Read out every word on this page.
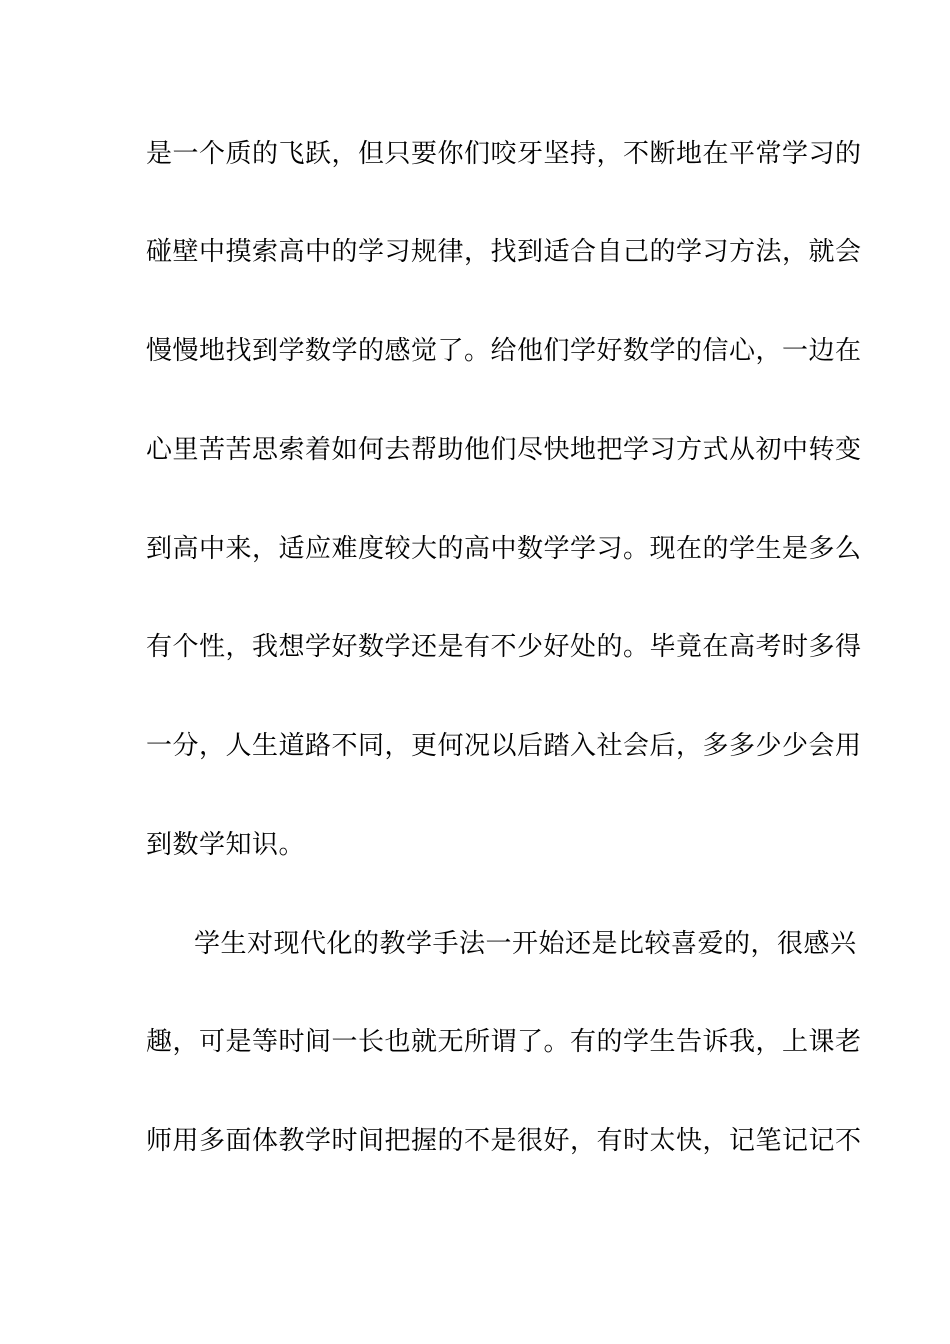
是一个质的飞跃，但只要你们咬牙坚持，不断地在平常学习的
碰壁中摸索高中的学习规律，找到适合自己的学习方法，就会
慢慢地找到学数学的感觉了。给他们学好数学的信心，一边在
心里苦苦思索着如何去帮助他们尽快地把学习方式从初中转变
到高中来，适应难度较大的高中数学学习。现在的学生是多么
有个性，我想学好数学还是有不少好处的。毕竟在高考时多得
一分，人生道路不同，更何况以后踏入社会后，多多少少会用
到数学知识。
学生对现代化的教学手法一开始还是比较喜爱的，很感兴
趣，可是等时间一长也就无所谓了。有的学生告诉我，上课老
师用多面体教学时间把握的不是很好，有时太快，记笔记记不
